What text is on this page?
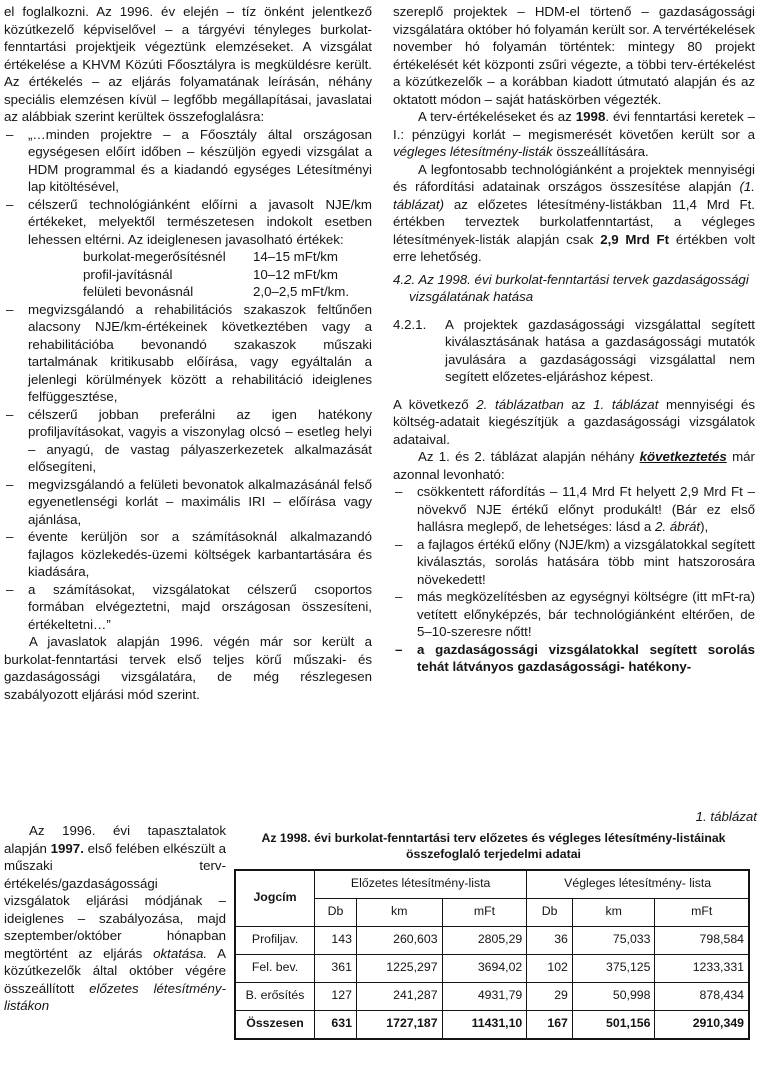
el foglalkozni. Az 1996. év elején – tíz önként jelentkező közútkezelő képviselővel – a tárgyévi tényleges burkolat-fenntartási projektjeik végeztünk elemzéseket. A vizsgálat értékelése a KHVM Közúti Főosztályra is megküldésre került. Az értékelés – az eljárás folyamatának leírásán, néhány speciális elemzésen kívül – legfőbb megállapításai, javaslatai az alábbiak szerint kerültek összefoglalásra:

– „…minden projektre – a Főosztály által országosan egységesen előírt időben – készüljön egyedi vizsgálat a HDM programmal és a kiadandó egységes Létesítményi lap kitöltésével,
– célszerű technológiánként előírni a javasolt NJE/km értékeket, melyektől természetesen indokolt esetben lehessen eltérni. Az ideiglenesen javasolható értékek:
burkolat-megerősítésnél	14–15 mFt/km
profil-javításnál	10–12 mFt/km
felületi bevonásnál	2,0–2,5 mFt/km.
– megvizsgálandó a rehabilitációs szakaszok feltűnően alacsony NJE/km-értékeinek következtében vagy a rehabilitációba bevonandó szakaszok műszaki tartalmának kritikusabb előírása, vagy egyáltalán a jelenlegi körülmények között a rehabilitáció ideiglenes felfüggesztése,
– célszerű jobban preferálni az igen hatékony profiljavításokat, vagyis a viszonylag olcsó – esetleg helyi – anyagú, de vastag pályaszerkezetek alkalmazását elősegíteni,
– megvizsgálandó a felületi bevonatok alkalmazásánál felső egyenetlenségi korlát – maximális IRI – előírása vagy ajánlása,
– évente kerüljön sor a számításoknál alkalmazandó fajlagos közlekedés-üzemi költségek karbantartására és kiadására,
– a számításokat, vizsgálatokat célszerű csoportos formában elvégeztetni, majd országosan összesíteni, értékeltetni…”

A javaslatok alapján 1996. végén már sor került a burkolat-fenntartási tervek első teljes körű műszaki- és gazdaságossági vizsgálatára, de még részlegesen szabályozott eljárási mód szerint.

Az 1996. évi tapasztalatok alapján 1997. első felében elkészült a műszaki terv-értékelés/gazdaságossági vizsgálatok eljárási módjának – ideiglenes – szabályozása, majd szeptember/október hónapban megtörtént az eljárás oktatása. A közútkezelők által október végére összeállított előzetes létesítmény-listákon

szereplő projektek – HDM-el törtenő – gazdaságossági vizsgálatára október hó folyamán került sor. A tervértékelések november hó folyamán történtek: mintegy 80 projekt értékelését két központi zsűri végezte, a többi terv-értékelést a közútkezelők – a korábban kiadott útmutató alapján és az oktatott módon – saját hatáskörben végezték.

A terv-értékeléseket és az 1998. évi fenntartási keretek – I.: pénzügyi korlát – megismerését követően került sor a végleges létesítmény-listák összeállítására.

A legfontosabb technológiánként a projektek mennyiségi és ráfordítási adatainak országos összesítése alapján (1. táblázat) az előzetes létesítmény-listákban 11,4 Mrd Ft. értékben terveztek burkolatfenntartást, a végleges létesítmények-listák alapján csak 2,9 Mrd Ft értékben volt erre lehetőség.

4.2. Az 1998. évi burkolat-fenntartási tervek gazdaságossági vizsgálatának hatása

4.2.1.	A projektek gazdaságossági vizsgálattal segített kiválasztásának hatása a gazdaságossági mutatók javulására a gazdaságossági vizsgálattal nem segített előzetes-eljáráshoz képest.

A következő 2. táblázatban az 1. táblázat mennyiségi és költség-adatait kiegészítjük a gazdaságossági vizsgálatok adataival.

Az 1. és 2. táblázat alapján néhány következtetés már azonnal levonható:

– csökkentett ráfordítás – 11,4 Mrd Ft helyett 2,9 Mrd Ft – növekvő NJE értékű előnyt produkált! (Bár ez első hallásra meglepő, de lehetséges: lásd a 2. ábrát),
– a fajlagos értékű előny (NJE/km) a vizsgálatokkal segített kiválasztás, sorolás hatására több mint hatszorosára növekedett!
– más megközelítésben az egységnyi költségre (itt mFt-ra) vetített előnyképzés, bár technológiánként eltérően, de 5–10-szeresre nőtt!
– a gazdaságossági vizsgálatokkal segített sorolás tehát látványos gazdaságossági- hatékony-
1. táblázat
Az 1998. évi burkolat-fenntartási terv előzetes és végleges létesítmény-listáinak összefoglaló terjedelmi adatai
Jogcím	Előzetes létesítmény-lista			Végleges létesítmény- lista		
	Db	km	mFt	Db	km	mFt
Profiljav.	143	260,603	2805,29	36	75,033	798,584
Fel. bev.	361	1225,297	3694,02	102	375,125	1233,331
B. erősítés	127	241,287	4931,79	29	50,998	878,434
Összesen	631	1727,187	11431,10	167	501,156	2910,349
